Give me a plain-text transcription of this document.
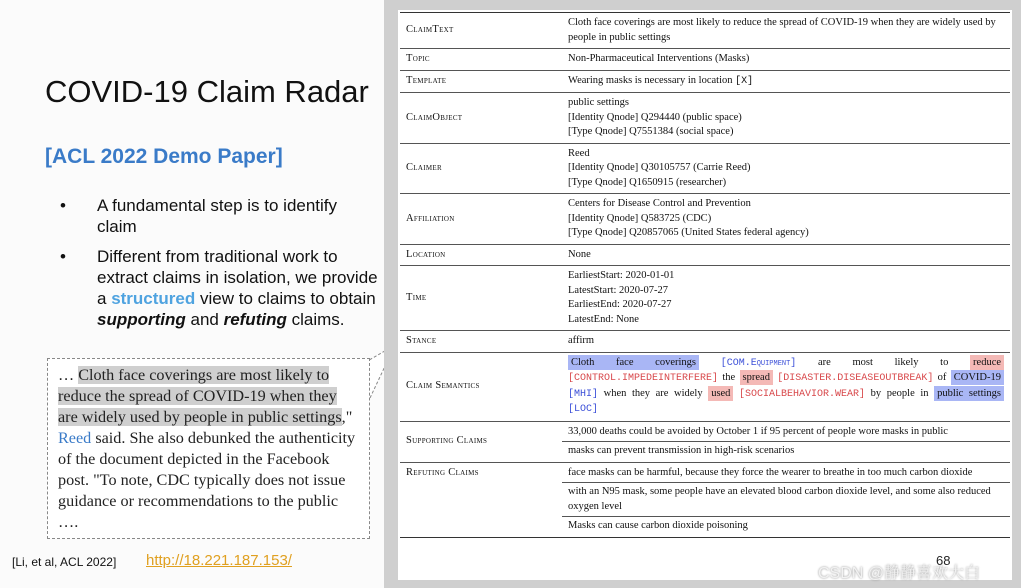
COVID-19 Claim Radar
[ACL 2022 Demo Paper]
• A fundamental step is to identify claim
• Different from traditional work to extract claims in isolation, we provide a structured view to claims to obtain supporting and refuting claims.
… Cloth face coverings are most likely to reduce the spread of COVID-19 when they are widely used by people in public settings," Reed said. She also debunked the authenticity of the document depicted in the Facebook post. "To note, CDC typically does not issue guidance or recommendations to the public ….
[Li, et al, ACL 2022] http://18.221.187.153/
ClaimText	Cloth face coverings are most likely to reduce the spread of COVID-19 when they are widely used by people in public settings
Topic	Non-Pharmaceutical Interventions (Masks)
Template	Wearing masks is necessary in location [X]
ClaimObject	public settings
[Identity Qnode] Q294440 (public space)
[Type Qnode] Q7551384 (social space)

Claimer	Reed
[Identity Qnode] Q30105757 (Carrie Reed)
[Type Qnode] Q1650915 (researcher)

Affiliation	Centers for Disease Control and Prevention
[Identity Qnode] Q583725 (CDC)
[Type Qnode] Q20857065 (United States federal agency)

Location	None
Time	EarliestStart: 2020-01-01
LatestStart: 2020-07-27
EarliestEnd: 2020-07-27
LatestEnd: None

Stance	affirm
Claim Semantics	Cloth face coverings [COM.Equipment] are most likely to reduce [CONTROL.IMPEDEINTERFERE] the spread [DISASTER.DISEASEOUTBREAK] of COVID-19 [MHI] when they are widely used [SOCIALBEHAVIOR.WEAR] by people in public settings [LOC]
Supporting Claims	33,000 deaths could be avoided by October 1 if 95 percent of people wore masks in public
masks can prevent transmission in high-risk scenarios

Refuting Claims	face masks can be harmful, because they force the wearer to breathe in too much carbon dioxide
with an N95 mask, some people have an elevated blood carbon dioxide level, and some also reduced oxygen level
Masks can cause carbon dioxide poisoning
68
CSDN @静静喜欢大白
